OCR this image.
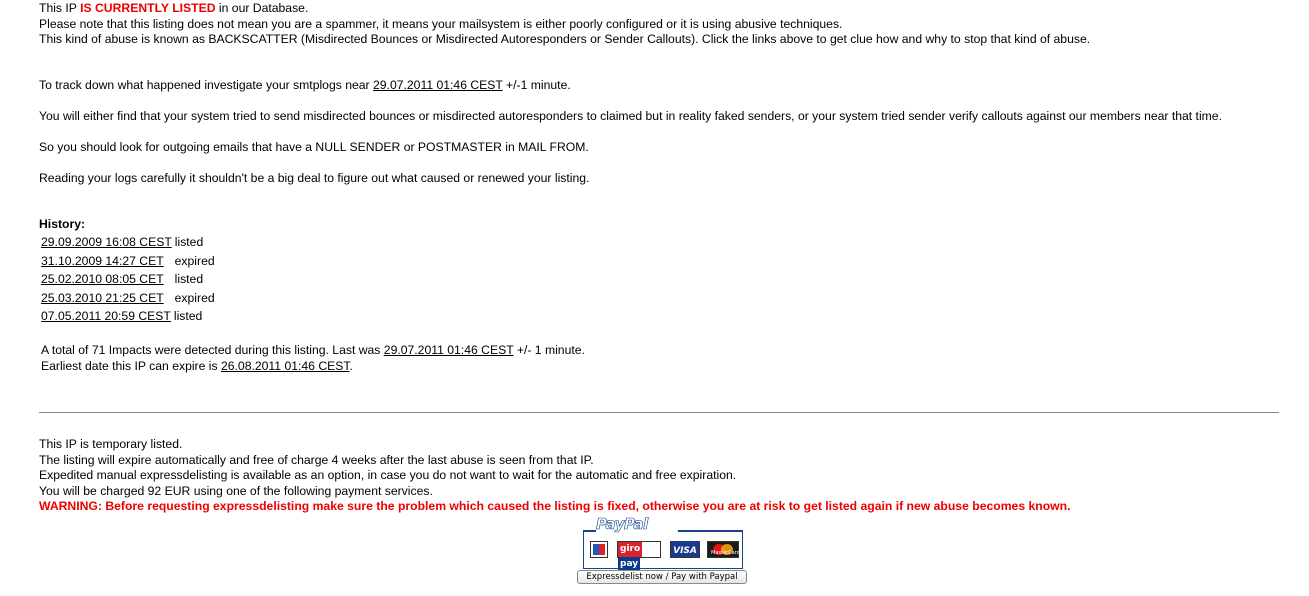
This IP IS CURRENTLY LISTED in our Database.
Please note that this listing does not mean you are a spammer, it means your mailsystem is either poorly configured or it is using abusive techniques.
This kind of abuse is known as BACKSCATTER (Misdirected Bounces or Misdirected Autoresponders or Sender Callouts). Click the links above to get clue how and why to stop that kind of abuse.
To track down what happened investigate your smtplogs near 29.07.2011 01:46 CEST +/-1 minute.
You will either find that your system tried to send misdirected bounces or misdirected autoresponders to claimed but in reality faked senders, or your system tried sender verify callouts against our members near that time.
So you should look for outgoing emails that have a NULL SENDER or POSTMASTER in MAIL FROM.
Reading your logs carefully it shouldn't be a big deal to figure out what caused or renewed your listing.
History:
29.09.2009 16:08 CEST listed
31.10.2009 14:27 CET expired
25.02.2010 08:05 CET listed
25.03.2010 21:25 CET expired
07.05.2011 20:59 CEST listed
A total of 71 Impacts were detected during this listing. Last was 29.07.2011 01:46 CEST +/- 1 minute.
Earliest date this IP can expire is 26.08.2011 01:46 CEST.
This IP is temporary listed.
The listing will expire automatically and free of charge 4 weeks after the last abuse is seen from that IP.
Expedited manual expressdelisting is available as an option, in case you do not want to wait for the automatic and free expiration.
You will be charged 92 EUR using one of the following payment services.
WARNING: Before requesting expressdelisting make sure the problem which caused the listing is fixed, otherwise you are at risk to get listed again if new abuse becomes known.
giropay
VISA	MasterCard
PayPal
Expressdelist now / Pay with Paypal
